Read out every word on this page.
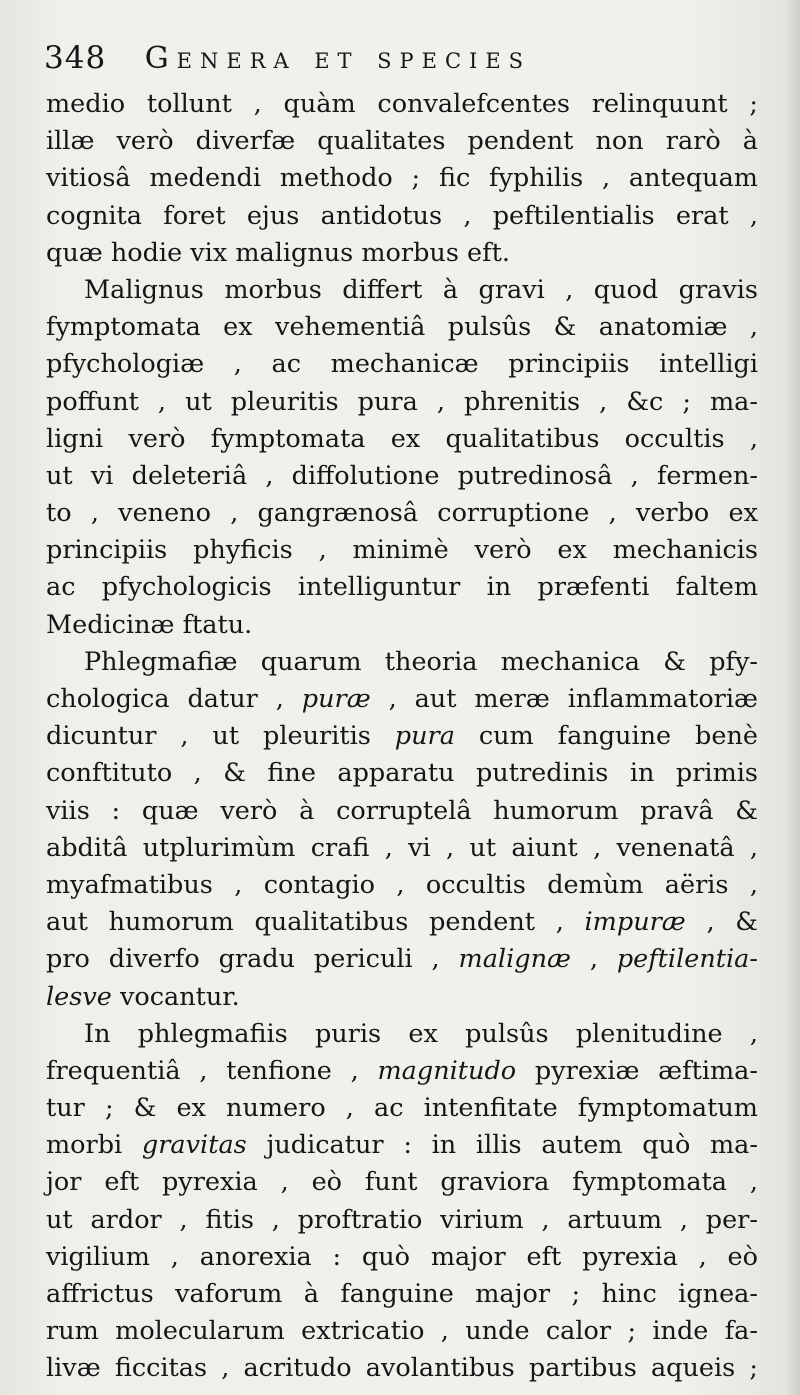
348 Genera et species
medio tollunt , quàm convalefcentes relinquunt ;
illæ verò diverfæ qualitates pendent non rarò à
vitiosâ medendi methodo ; fic fyphilis , antequam
cognita foret ejus antidotus , peftilentialis erat ,
quæ hodie vix malignus morbus eft.
Malignus morbus differt à gravi , quod gravis
fymptomata ex vehementiâ pulsûs & anatomiæ ,
pfychologiæ , ac mechanicæ principiis intelligi
poffunt , ut pleuritis pura , phrenitis , &c ; ma-
ligni verò fymptomata ex qualitatibus occultis ,
ut vi deleteriâ , diffolutione putredinosâ , fermen-
to , veneno , gangrænosâ corruptione , verbo ex
principiis phyficis , minimè verò ex mechanicis
ac pfychologicis intelliguntur in præfenti faltem
Medicinæ ftatu.
Phlegmafiæ quarum theoria mechanica & pfy-
chologica datur , puræ , aut meræ inflammatoriæ
dicuntur , ut pleuritis pura cum fanguine benè
conftituto , & fine apparatu putredinis in primis
viis : quæ verò à corruptelâ humorum pravâ &
abditâ utplurimùm crafi , vi , ut aiunt , venenatâ ,
myafmatibus , contagio , occultis demùm aëris ,
aut humorum qualitatibus pendent , impuræ , &
pro diverfo gradu periculi , malignæ , peftilentia-
lesve vocantur.
In phlegmafiis puris ex pulsûs plenitudine ,
frequentiâ , tenfione , magnitudo pyrexiæ æftima-
tur ; & ex numero , ac intenfitate fymptomatum
morbi gravitas judicatur : in illis autem quò ma-
jor eft pyrexia , eò funt graviora fymptomata ,
ut ardor , fitis , proftratio virium , artuum , per-
vigilium , anorexia : quò major eft pyrexia , eò
affrictus vaforum à fanguine major ; hinc ignea-
rum molecularum extricatio , unde calor ; inde fa-
livæ ficcitas , acritudo avolantibus partibus aqueis ;
